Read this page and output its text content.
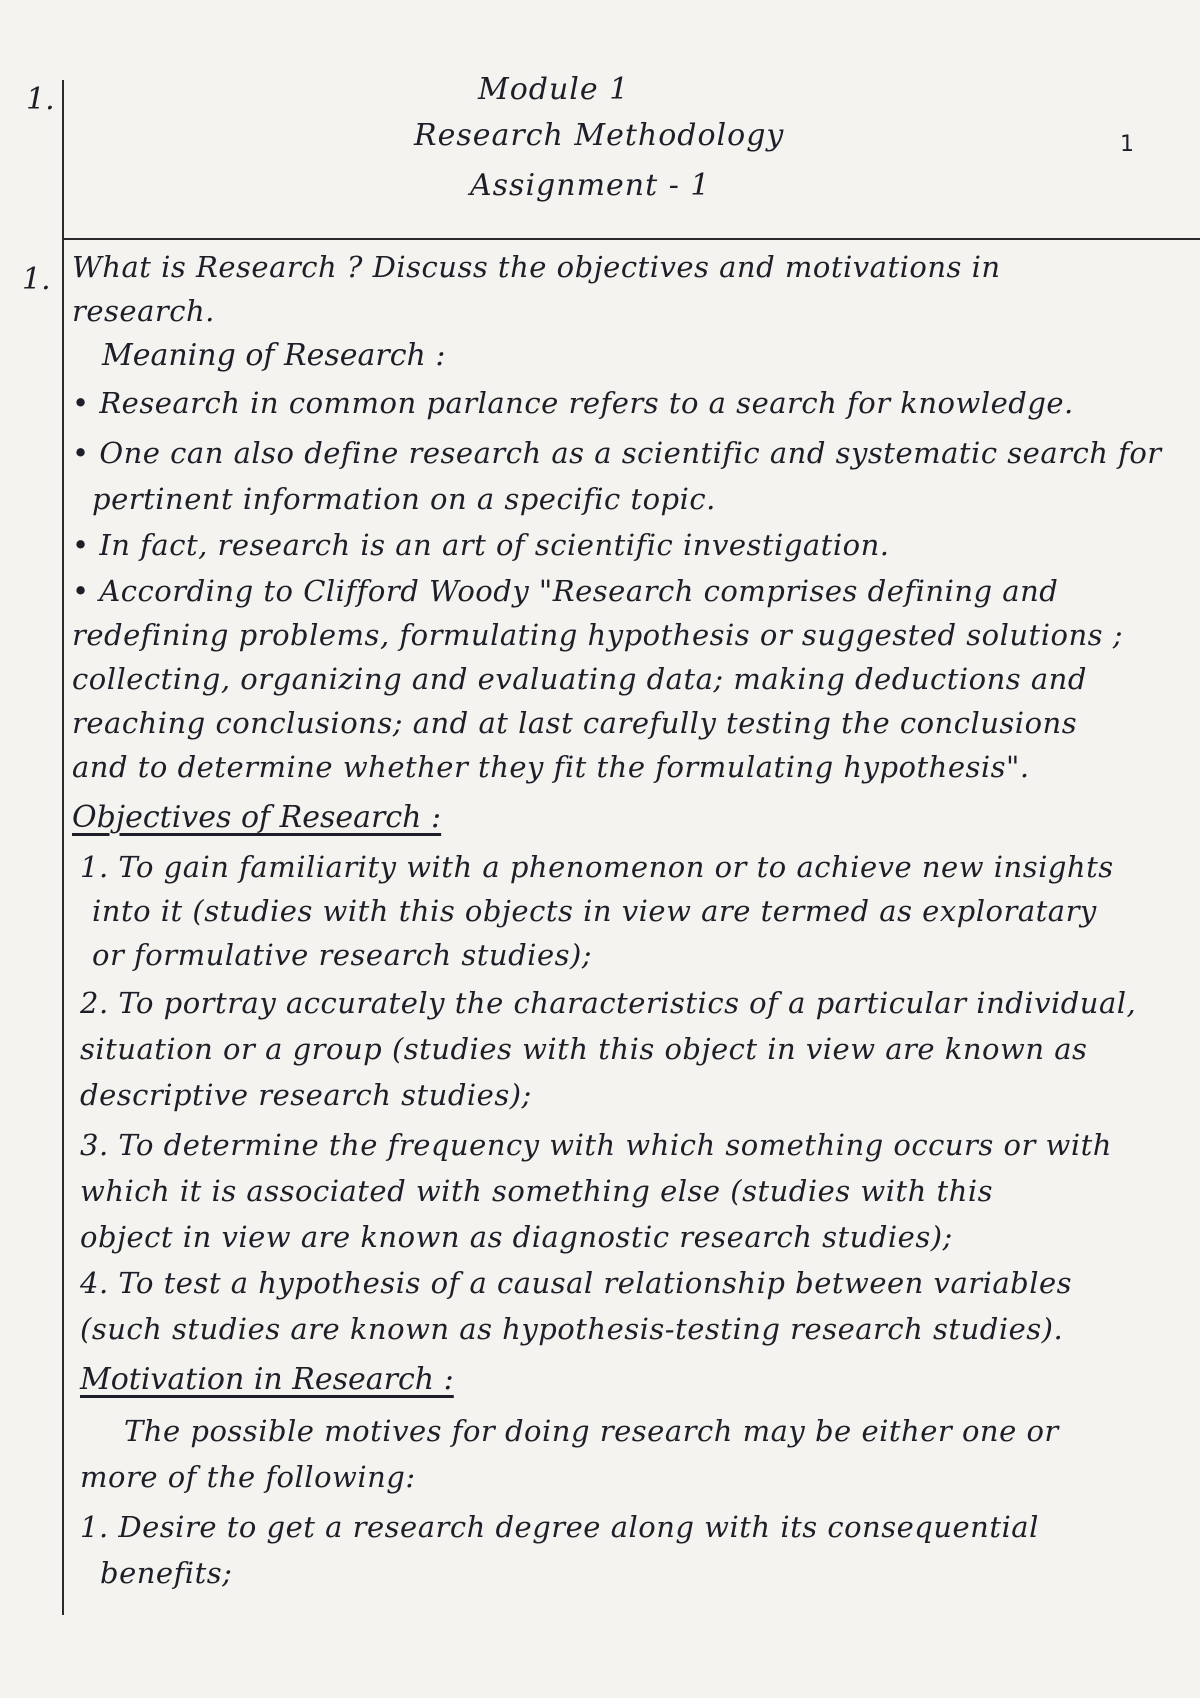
1.	Module 1
Research Methodology
Assignment - 1
1
1. What is Research ? Discuss the objectives and motivations in
research.
Meaning of Research :
• Research in common parlance refers to a search for knowledge.
• One can also define research as a scientific and systematic search for
pertinent information on a specific topic.
• In fact, research is an art of scientific investigation.
• According to Clifford Woody "Research comprises defining and
redefining problems, formulating hypothesis or suggested solutions ;
collecting, organizing and evaluating data; making deductions and
reaching conclusions; and at last carefully testing the conclusions
and to determine whether they fit the formulating hypothesis".
Objectives of Research :
1. To gain familiarity with a phenomenon or to achieve new insights
into it (studies with this objects in view are termed as exploratary
or formulative research studies);
2. To portray accurately the characteristics of a particular individual,
situation or a group (studies with this object in view are known as
descriptive research studies);
3. To determine the frequency with which something occurs or with
which it is associated with something else (studies with this
object in view are known as diagnostic research studies);
4. To test a hypothesis of a causal relationship between variables
(such studies are known as hypothesis-testing research studies).
Motivation in Research :
The possible motives for doing research may be either one or
more of the following:
1. Desire to get a research degree along with its consequential
benefits;
